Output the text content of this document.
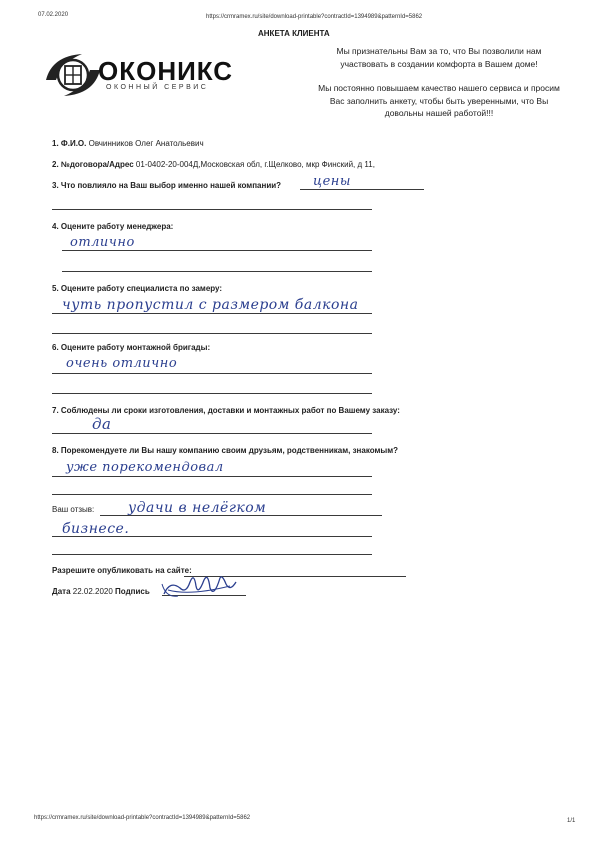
07.02.2020	https://crmramex.ru/site/download-printable?contractId=1394989&patternId=5862
АНКЕТА КЛИЕНТА
ОКОНИКС
ОКОННЫЙ СЕРВИС
Мы признательны Вам за то, что Вы позволили нам
участвовать в создании комфорта в Вашем доме!
Мы постоянно повышаем качество нашего сервиса и просим
Вас заполнить анкету, чтобы быть уверенными, что Вы
довольны нашей работой!!!
1. Ф.И.О. Овчинников Олег Анатольевич
2. №договора/Адрес 01-0402-20-004Д,Московская обл, г.Щелково, мкр Финский, д 11,
3. Что повлияло на Ваш выбор именно нашей компании? цены
4. Оцените работу менеджера:
отлично
5. Оцените работу специалиста по замеру:
чуть пропустил с размером балкона
6. Оцените работу монтажной бригады:
очень отлично
7. Соблюдены ли сроки изготовления, доставки и монтажных работ по Вашему заказу:
да
8. Порекомендуете ли Вы нашу компанию своим друзьям, родственникам, знакомым?
уже порекомендовал
Ваш отзыв: удачи в нелёгком
бизнесе.
Разрешите опубликовать на сайте:
Дата 22.02.2020 Подпись
https://crmramex.ru/site/download-printable?contractId=1394989&patternId=5862	1/1
